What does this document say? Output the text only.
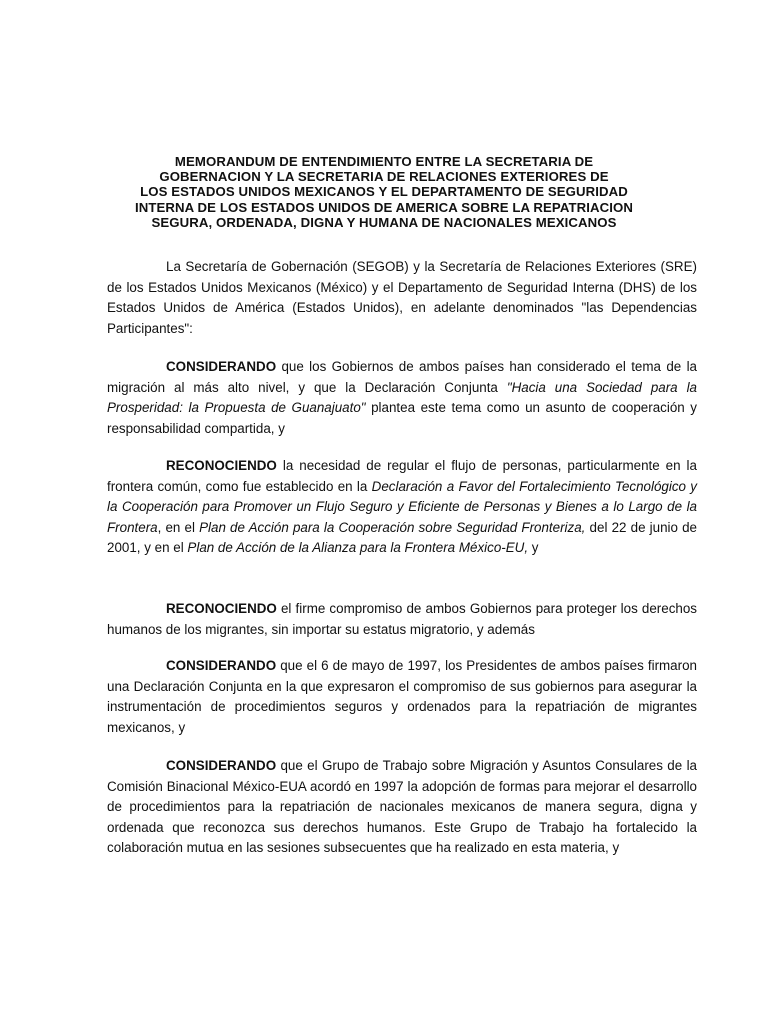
MEMORANDUM DE ENTENDIMIENTO ENTRE LA SECRETARIA DE
GOBERNACION Y LA SECRETARIA DE RELACIONES EXTERIORES DE
LOS ESTADOS UNIDOS MEXICANOS Y EL DEPARTAMENTO DE SEGURIDAD
INTERNA DE LOS ESTADOS UNIDOS DE AMERICA SOBRE LA REPATRIACION
SEGURA, ORDENADA, DIGNA Y HUMANA DE NACIONALES MEXICANOS

La Secretaría de Gobernación (SEGOB) y la Secretaría de Relaciones Exteriores (SRE) de los Estados Unidos Mexicanos (México) y el Departamento de Seguridad Interna (DHS) de los Estados Unidos de América (Estados Unidos), en adelante denominados "las Dependencias Participantes":

CONSIDERANDO que los Gobiernos de ambos países han considerado el tema de la migración al más alto nivel, y que la Declaración Conjunta "Hacia una Sociedad para la Prosperidad: la Propuesta de Guanajuato" plantea este tema como un asunto de cooperación y responsabilidad compartida, y

RECONOCIENDO la necesidad de regular el flujo de personas, particularmente en la frontera común, como fue establecido en la Declaración a Favor del Fortalecimiento Tecnológico y la Cooperación para Promover un Flujo Seguro y Eficiente de Personas y Bienes a lo Largo de la Frontera, en el Plan de Acción para la Cooperación sobre Seguridad Fronteriza, del 22 de junio de 2001, y en el Plan de Acción de la Alianza para la Frontera México-EU, y

RECONOCIENDO el firme compromiso de ambos Gobiernos para proteger los derechos humanos de los migrantes, sin importar su estatus migratorio, y además

CONSIDERANDO que el 6 de mayo de 1997, los Presidentes de ambos países firmaron una Declaración Conjunta en la que expresaron el compromiso de sus gobiernos para asegurar la instrumentación de procedimientos seguros y ordenados para la repatriación de migrantes mexicanos, y

CONSIDERANDO que el Grupo de Trabajo sobre Migración y Asuntos Consulares de la Comisión Binacional México-EUA acordó en 1997 la adopción de formas para mejorar el desarrollo de procedimientos para la repatriación de nacionales mexicanos de manera segura, digna y ordenada que reconozca sus derechos humanos. Este Grupo de Trabajo ha fortalecido la colaboración mutua en las sesiones subsecuentes que ha realizado en esta materia, y
